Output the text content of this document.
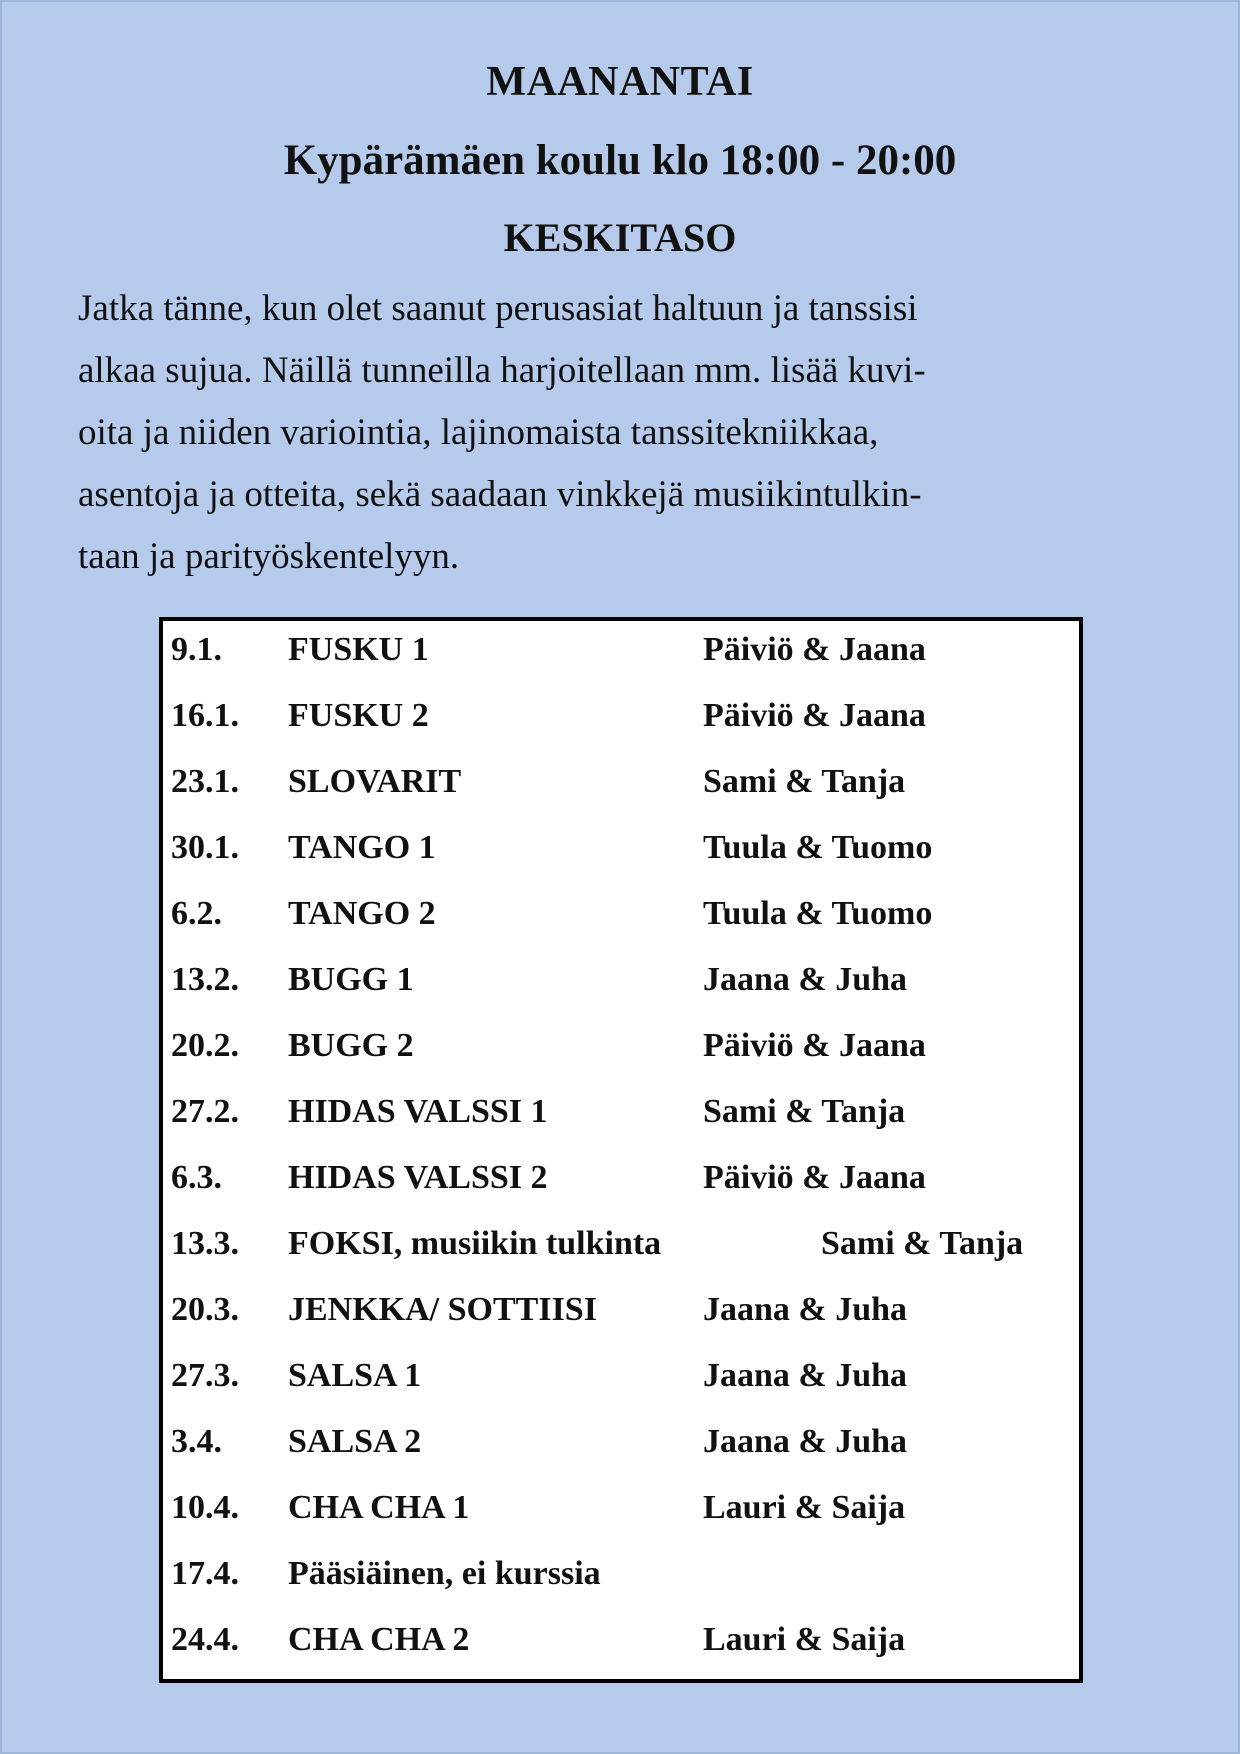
MAANANTAI
Kypärämäen koulu klo 18:00 - 20:00
KESKITASO

Jatka tänne, kun olet saanut perusasiat haltuun ja tanssisi
alkaa sujua. Näillä tunneilla harjoitellaan mm. lisää kuvi-
oita ja niiden variointia, lajinomaista tanssitekniikkaa,
asentoja ja otteita, sekä saadaan vinkkejä musiikintulkin-
taan ja parityöskentelyyn.

9.1. FUSKU 1	Päiviö & Jaana
16.1. FUSKU 2	Päiviö & Jaana
23.1. SLOVARIT	Sami & Tanja
30.1. TANGO 1	Tuula & Tuomo
6.2. TANGO 2	Tuula & Tuomo
13.2. BUGG 1	Jaana & Juha
20.2. BUGG 2	Päiviö & Jaana
27.2. HIDAS VALSSI 1	Sami & Tanja
6.3. HIDAS VALSSI 2	Päiviö & Jaana
13.3. FOKSI, musiikin tulkinta	Sami & Tanja
20.3. JENKKA/ SOTTIISI	Jaana & Juha
27.3. SALSA 1	Jaana & Juha
3.4. SALSA 2	Jaana & Juha
10.4. CHA CHA 1	Lauri & Saija
17.4. Pääsiäinen, ei kurssia
24.4. CHA CHA 2	Lauri & Saija
